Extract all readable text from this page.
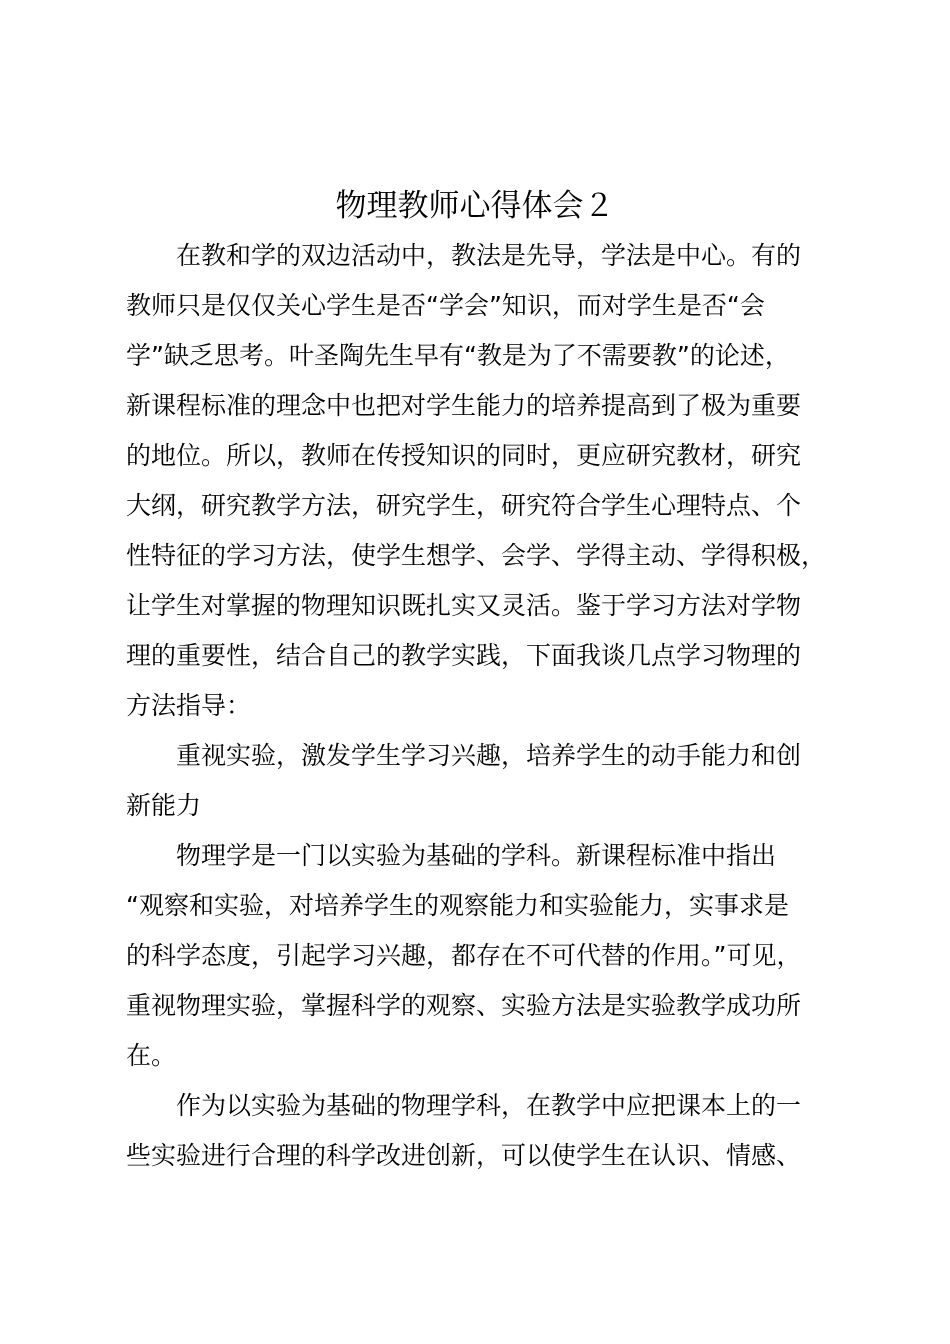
物理教师心得体会２
在教和学的双边活动中，教法是先导，学法是中心。有的
教师只是仅仅关心学生是否“学会”知识，而对学生是否“会
学”缺乏思考。叶圣陶先生早有“教是为了不需要教”的论述，
新课程标准的理念中也把对学生能力的培养提高到了极为重要
的地位。所以，教师在传授知识的同时，更应研究教材，研究
大纲，研究教学方法，研究学生，研究符合学生心理特点、个
性特征的学习方法，使学生想学、会学、学得主动、学得积极，
让学生对掌握的物理知识既扎实又灵活。鉴于学习方法对学物
理的重要性，结合自己的教学实践，下面我谈几点学习物理的
方法指导：
重视实验，激发学生学习兴趣，培养学生的动手能力和创
新能力
物理学是一门以实验为基础的学科。新课程标准中指出
“观察和实验，对培养学生的观察能力和实验能力，实事求是
的科学态度，引起学习兴趣，都存在不可代替的作用。”可见，
重视物理实验，掌握科学的观察、实验方法是实验教学成功所
在。
作为以实验为基础的物理学科，在教学中应把课本上的一
些实验进行合理的科学改进创新，可以使学生在认识、情感、
